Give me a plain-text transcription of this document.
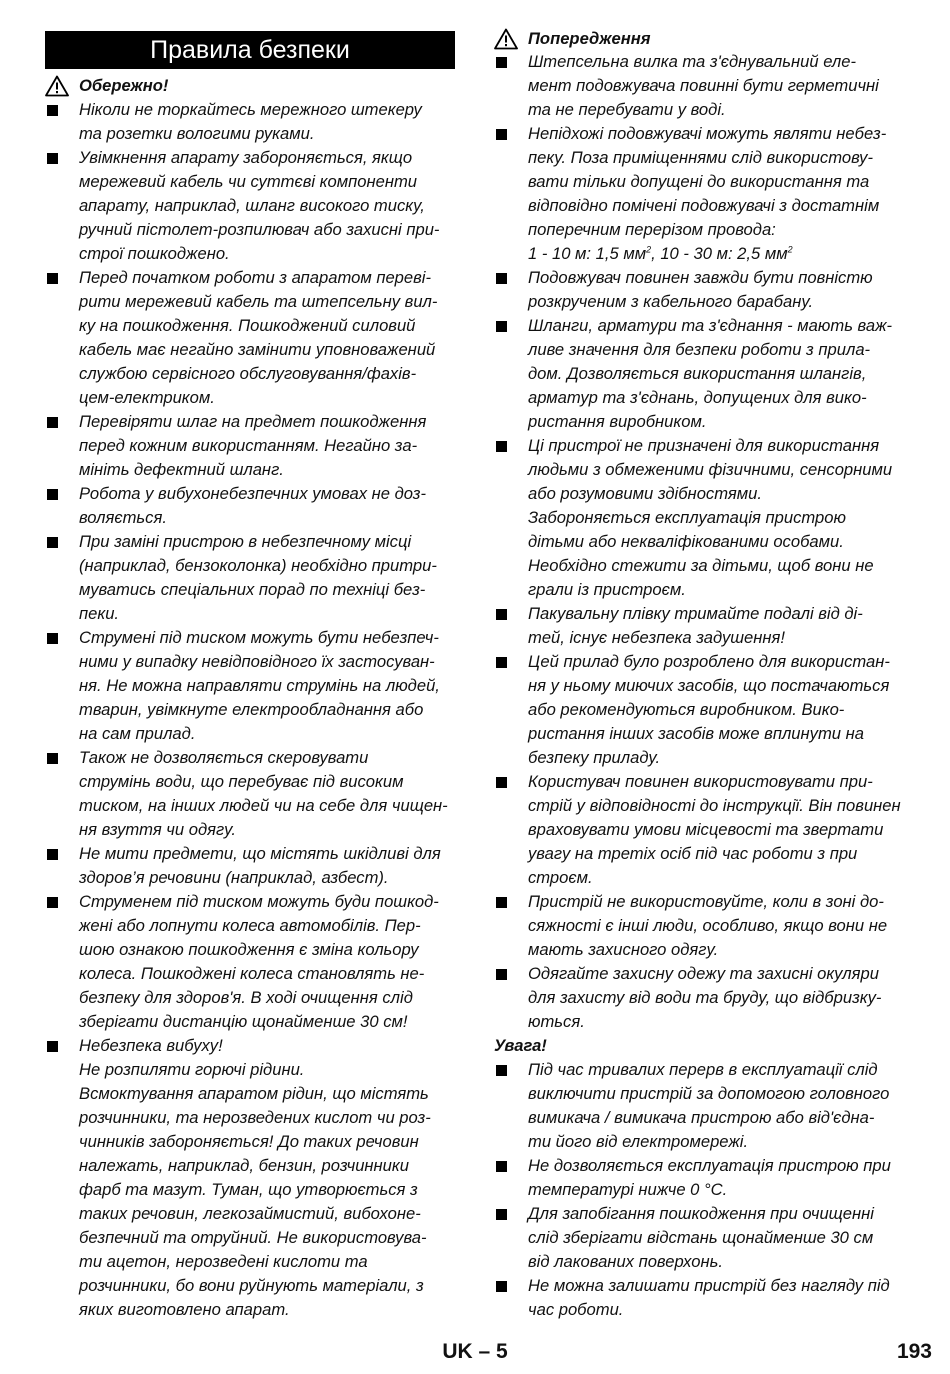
Правила безпеки
Обережно!
Ніколи не торкайтесь мережного штекеру
та розетки вологими руками.
Увімкнення апарату забороняється, якщо
мережевий кабель чи суттєві компоненти
апарату, наприклад, шланг високого тиску,
ручний пістолет-розпилювач або захисні при-
строї пошкоджено.
Перед початком роботи з апаратом переві-
рити мережевий кабель та штепсельну вил-
ку на пошкодження. Пошкоджений силовий
кабель має негайно замінити уповноважений
службою сервісного обслуговування/фахів-
цем-електриком.
Перевіряти шлаг на предмет пошкодження
перед кожним використанням. Негайно за-
мініть дефектний шланг.
Робота у вибухонебезпечних умовах не доз-
воляється.
При заміні пристрою в небезпечному місці
(наприклад, бензоколонка) необхідно притри-
муватись спеціальних порад по техніці без-
пеки.
Струмені під тиском можуть бути небезпеч-
ними у випадку невідповідного їх застосуван-
ня. Не можна направляти струмінь на людей,
тварин, увімкнуте електрообладнання або
на сам прилад.
Також не дозволяється скеровувати
струмінь води, що перебуває під високим
тиском, на інших людей чи на себе для чищен-
ня взуття чи одягу.
Не мити предмети, що містять шкідливі для
здоров’я речовини (наприклад, азбест).
Струменем під тиском можуть буди пошкод-
жені або лопнути колеса автомобілів. Пер-
шою ознакою пошкодження є зміна кольору
колеса. Пошкоджені колеса становлять не-
безпеку для здоров'я. В ході очищення слід
зберігати дистанцію щонайменше 30 см!
Небезпека вибуху!
Не розпиляти горючі рідини.
Всмоктування апаратом рідин, що містять
розчинники, та нерозведених кислот чи роз-
чинників забороняється! До таких речовин
належать, наприклад, бензин, розчинники
фарб та мазут. Туман, що утворюється з
таких речовин, легкозаймистий, вибохоне-
безпечний та отруйний. Не використовува-
ти ацетон, нерозведені кислоти та
розчинники, бо вони руйнують матеріали, з
яких виготовлено апарат.
Попередження
Штепсельна вилка та з'єднувальний еле-
мент подовжувача повинні бути герметичні
та не перебувати у воді.
Непідхожі подовжувачі можуть являти небез-
пеку. Поза приміщеннями слід використову-
вати тільки допущені до використання та
відповідно помічені подовжувачі з достатнім
поперечним перерізом провода:
1 - 10 м: 1,5 $мм^2$, 10 - 30 м: 2,5 $мм^2$
Подовжувач повинен завжди бути повністю
розкрученим з кабельного барабану.
Шланги, арматури та з'єднання - мають важ-
ливе значення для безпеки роботи з прила-
дом. Дозволяється використання шлангів,
арматур та з'єднань, допущених для вико-
ристання виробником.
Ці пристрої не призначені для використання
людьми з обмеженими фізичними, сенсорними
або розумовими здібностями.
Забороняється експлуатація пристрою
дітьми або некваліфікованими особами.
Необхідно стежити за дітьми, щоб вони не
грали із пристроєм.
Пакувальну плівку тримайте подалі від ді-
тей, існує небезпека задушення!
Цей прилад було розроблено для використан-
ня у ньому миючих засобів, що постачаються
або рекомендуються виробником. Вико-
ристання інших засобів може вплинути на
безпеку приладу.
Користувач повинен використовувати при-
стрій у відповідності до інструкції. Він повинен
враховувати умови місцевості та звертати
увагу на третіх осіб під час роботи з при
строєм.
Пристрій не використовуйте, коли в зоні до-
сяжності є інші люди, особливо, якщо вони не
мають захисного одягу.
Одягайте захисну одежу та захисні окуляри
для захисту від води та бруду, що відбризку-
ються.
Увага!
Під час тривалих перерв в експлуатації слід
виключити пристрій за допомогою головного
вимикача / вимикача пристрою або від'єдна-
ти його від електромережі.
Не дозволяється експлуатація пристрою при
температурі нижче 0 °C.
Для запобігання пошкодження при очищенні
слід зберігати відстань щонайменше 30 см
від лакованих поверхонь.
Не можна залишати пристрій без нагляду під
час роботи.
UK – 5	193
